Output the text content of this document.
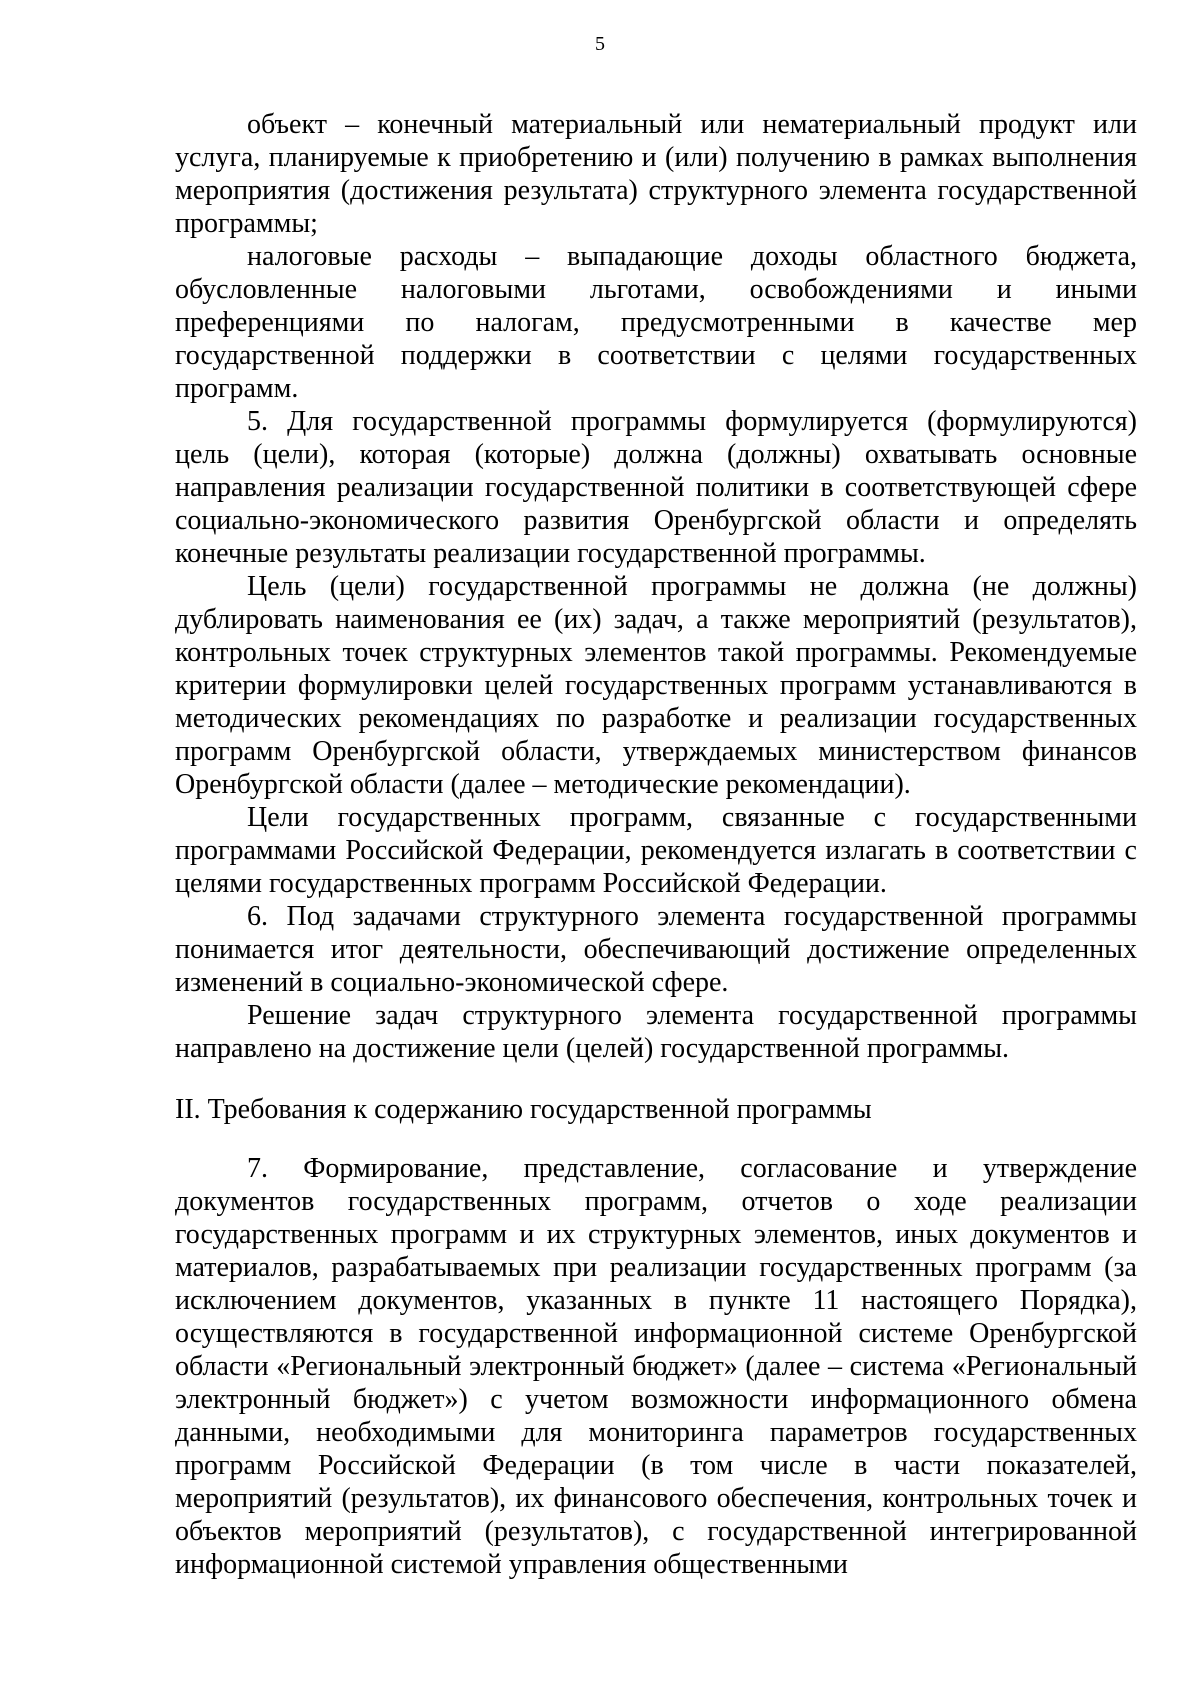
5

объект – конечный материальный или нематериальный продукт или услуга, планируемые к приобретению и (или) получению в рамках выполнения мероприятия (достижения результата) структурного элемента государственной программы;

налоговые расходы – выпадающие доходы областного бюджета, обусловленные налоговыми льготами, освобождениями и иными преференциями по налогам, предусмотренными в качестве мер государственной поддержки в соответствии с целями государственных программ.

5. Для государственной программы формулируется (формулируются) цель (цели), которая (которые) должна (должны) охватывать основные направления реализации государственной политики в соответствующей сфере социально-экономического развития Оренбургской области и определять конечные результаты реализации государственной программы.

Цель (цели) государственной программы не должна (не должны) дублировать наименования ее (их) задач, а также мероприятий (результатов), контрольных точек структурных элементов такой программы. Рекомендуемые критерии формулировки целей государственных программ устанавливаются в методических рекомендациях по разработке и реализации государственных программ Оренбургской области, утверждаемых министерством финансов Оренбургской области (далее – методические рекомендации).

Цели государственных программ, связанные с государственными программами Российской Федерации, рекомендуется излагать в соответствии с целями государственных программ Российской Федерации.

6. Под задачами структурного элемента государственной программы понимается итог деятельности, обеспечивающий достижение определенных изменений в социально-экономической сфере.

Решение задач структурного элемента государственной программы направлено на достижение цели (целей) государственной программы.

II. Требования к содержанию государственной программы

7. Формирование, представление, согласование и утверждение документов государственных программ, отчетов о ходе реализации государственных программ и их структурных элементов, иных документов и материалов, разрабатываемых при реализации государственных программ (за исключением документов, указанных в пункте 11 настоящего Порядка), осуществляются в государственной информационной системе Оренбургской области «Региональный электронный бюджет» (далее – система «Региональный электронный бюджет») с учетом возможности информационного обмена данными, необходимыми для мониторинга параметров государственных программ Российской Федерации (в том числе в части показателей, мероприятий (результатов), их финансового обеспечения, контрольных точек и объектов мероприятий (результатов), с государственной интегрированной информационной системой управления общественными
